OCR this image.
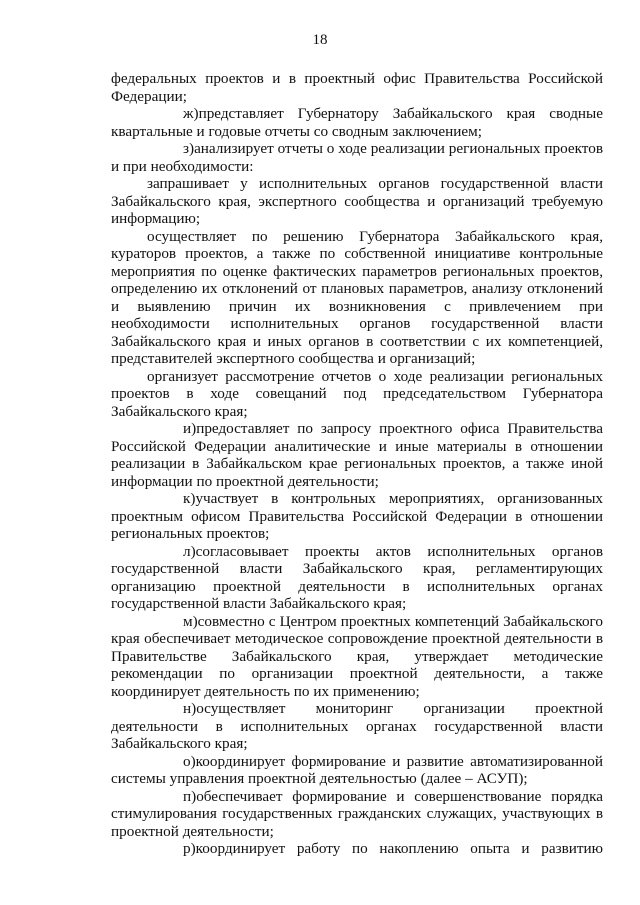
18

федеральных проектов и в проектный офис Правительства Российской Федерации;

ж)представляет Губернатору Забайкальского края сводные квартальные и годовые отчеты со сводным заключением;

з)анализирует отчеты о ходе реализации региональных проектов и при необходимости:

запрашивает у исполнительных органов государственной власти Забайкальского края, экспертного сообщества и организаций требуемую информацию;

осуществляет по решению Губернатора Забайкальского края, кураторов проектов, а также по собственной инициативе контрольные мероприятия по оценке фактических параметров региональных проектов, определению их отклонений от плановых параметров, анализу отклонений и выявлению причин их возникновения с привлечением при необходимости исполнительных органов государственной власти Забайкальского края и иных органов в соответствии с их компетенцией, представителей экспертного сообщества и организаций;

организует рассмотрение отчетов о ходе реализации региональных проектов в ходе совещаний под председательством Губернатора Забайкальского края;

и)предоставляет по запросу проектного офиса Правительства Российской Федерации аналитические и иные материалы в отношении реализации в Забайкальском крае региональных проектов, а также иной информации по проектной деятельности;

к)участвует в контрольных мероприятиях, организованных проектным офисом Правительства Российской Федерации в отношении региональных проектов;

л)согласовывает проекты актов исполнительных органов государственной власти Забайкальского края, регламентирующих организацию проектной деятельности в исполнительных органах государственной власти Забайкальского края;

м)совместно с Центром проектных компетенций Забайкальского края обеспечивает методическое сопровождение проектной деятельности в Правительстве Забайкальского края, утверждает методические рекомендации по организации проектной деятельности, а также координирует деятельность по их применению;

н)осуществляет мониторинг организации проектной деятельности в исполнительных органах государственной власти Забайкальского края;

о)координирует формирование и развитие автоматизированной системы управления проектной деятельностью (далее – АСУП);

п)обеспечивает формирование и совершенствование порядка стимулирования государственных гражданских служащих, участвующих в проектной деятельности;

р)координирует работу по накоплению опыта и развитию
